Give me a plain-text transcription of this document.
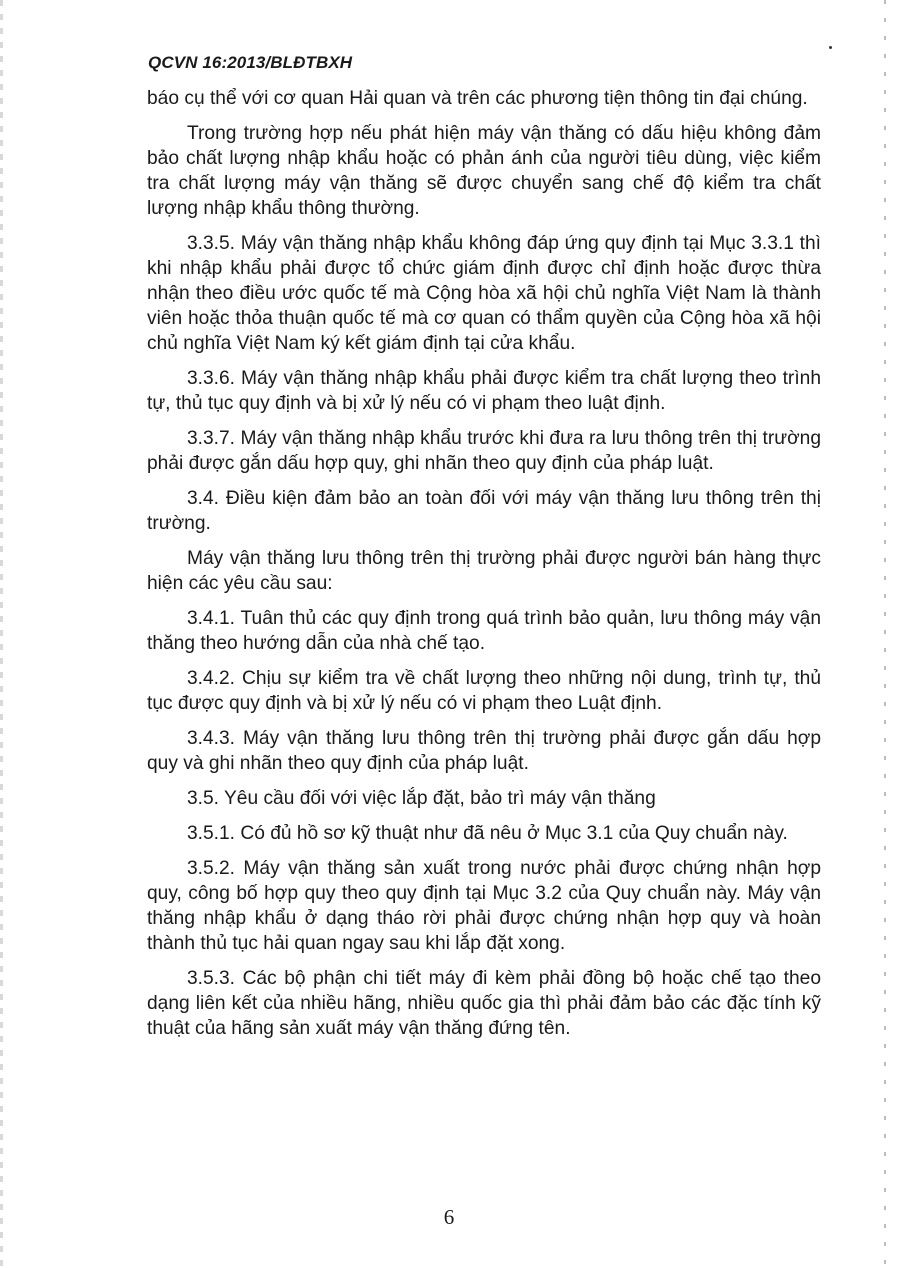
QCVN 16:2013/BLĐTBXH

báo cụ thể với cơ quan Hải quan và trên các phương tiện thông tin đại chúng.

Trong trường hợp nếu phát hiện máy vận thăng có dấu hiệu không đảm bảo chất lượng nhập khẩu hoặc có phản ánh của người tiêu dùng, việc kiểm tra chất lượng máy vận thăng sẽ được chuyển sang chế độ kiểm tra chất lượng nhập khẩu thông thường.

3.3.5. Máy vận thăng nhập khẩu không đáp ứng quy định tại Mục 3.3.1 thì khi nhập khẩu phải được tổ chức giám định được chỉ định hoặc được thừa nhận theo điều ước quốc tế mà Cộng hòa xã hội chủ nghĩa Việt Nam là thành viên hoặc thỏa thuận quốc tế mà cơ quan có thẩm quyền của Cộng hòa xã hội chủ nghĩa Việt Nam ký kết giám định tại cửa khẩu.

3.3.6. Máy vận thăng nhập khẩu phải được kiểm tra chất lượng theo trình tự, thủ tục quy định và bị xử lý nếu có vi phạm theo luật định.

3.3.7. Máy vận thăng nhập khẩu trước khi đưa ra lưu thông trên thị trường phải được gắn dấu hợp quy, ghi nhãn theo quy định của pháp luật.

3.4. Điều kiện đảm bảo an toàn đối với máy vận thăng lưu thông trên thị trường.

Máy vận thăng lưu thông trên thị trường phải được người bán hàng thực hiện các yêu cầu sau:

3.4.1. Tuân thủ các quy định trong quá trình bảo quản, lưu thông máy vận thăng theo hướng dẫn của nhà chế tạo.

3.4.2. Chịu sự kiểm tra về chất lượng theo những nội dung, trình tự, thủ tục được quy định và bị xử lý nếu có vi phạm theo Luật định.

3.4.3. Máy vận thăng lưu thông trên thị trường phải được gắn dấu hợp quy và ghi nhãn theo quy định của pháp luật.

3.5. Yêu cầu đối với việc lắp đặt, bảo trì máy vận thăng

3.5.1. Có đủ hồ sơ kỹ thuật như đã nêu ở Mục 3.1 của Quy chuẩn này.

3.5.2. Máy vận thăng sản xuất trong nước phải được chứng nhận hợp quy, công bố hợp quy theo quy định tại Mục 3.2 của Quy chuẩn này. Máy vận thăng nhập khẩu ở dạng tháo rời phải được chứng nhận hợp quy và hoàn thành thủ tục hải quan ngay sau khi lắp đặt xong.

3.5.3. Các bộ phận chi tiết máy đi kèm phải đồng bộ hoặc chế tạo theo dạng liên kết của nhiều hãng, nhiều quốc gia thì phải đảm bảo các đặc tính kỹ thuật của hãng sản xuất máy vận thăng đứng tên.

6
